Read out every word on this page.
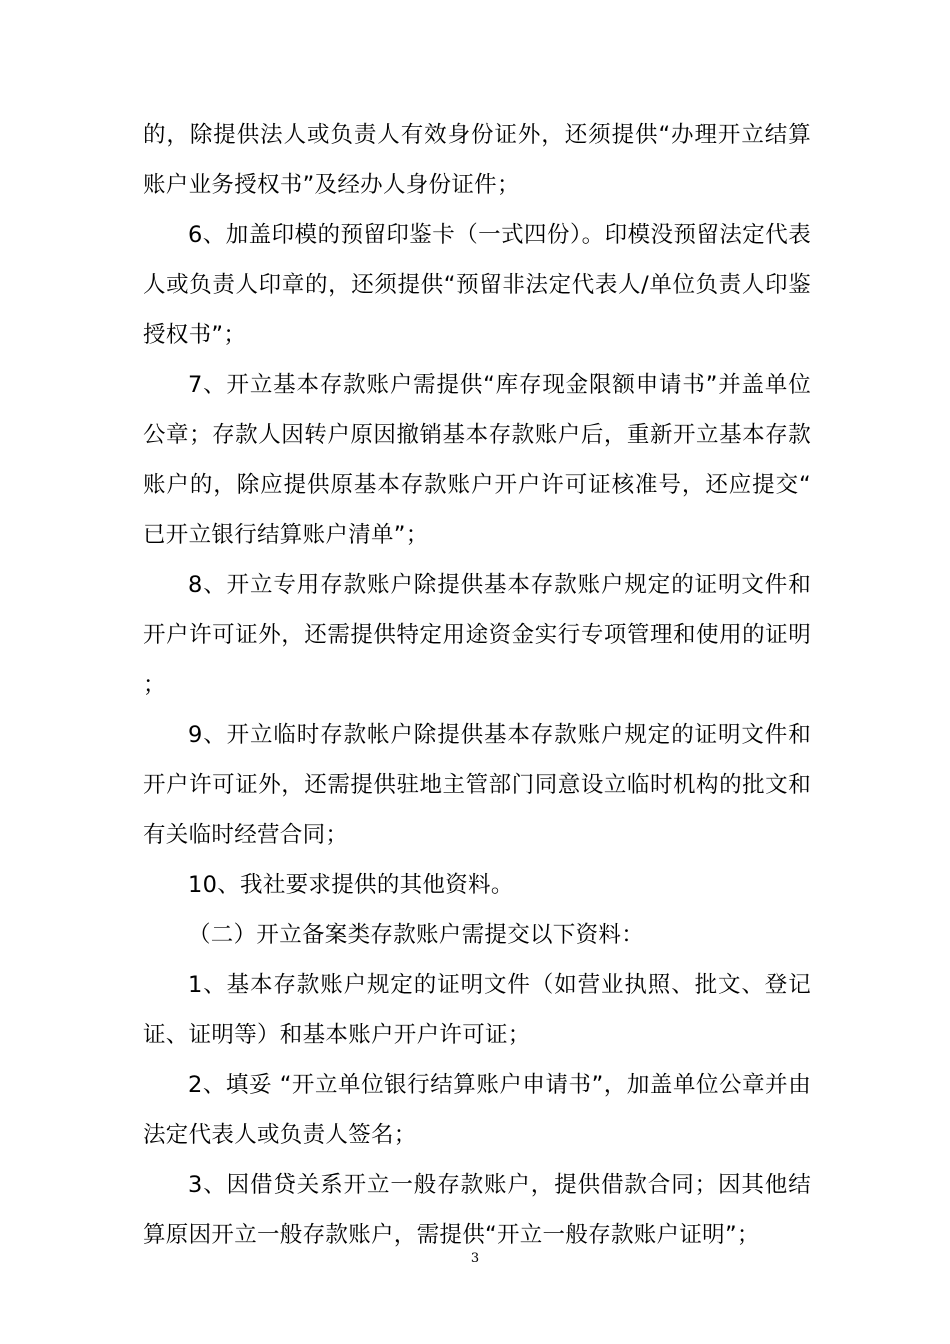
的，除提供法人或负责人有效身份证外，还须提供“办理开立结算账户业务授权书”及经办人身份证件；

6、加盖印模的预留印鉴卡（一式四份）。印模没预留法定代表人或负责人印章的，还须提供“预留非法定代表人/单位负责人印鉴授权书”；

7、开立基本存款账户需提供“库存现金限额申请书”并盖单位公章；存款人因转户原因撤销基本存款账户后，重新开立基本存款账户的，除应提供原基本存款账户开户许可证核准号，还应提交“已开立银行结算账户清单”；

8、开立专用存款账户除提供基本存款账户规定的证明文件和开户许可证外，还需提供特定用途资金实行专项管理和使用的证明；

9、开立临时存款帐户除提供基本存款账户规定的证明文件和开户许可证外，还需提供驻地主管部门同意设立临时机构的批文和有关临时经营合同；

10、我社要求提供的其他资料。

（二）开立备案类存款账户需提交以下资料：

1、基本存款账户规定的证明文件（如营业执照、批文、登记证、证明等）和基本账户开户许可证；

2、填妥 “开立单位银行结算账户申请书”，加盖单位公章并由法定代表人或负责人签名；

3、因借贷关系开立一般存款账户，提供借款合同；因其他结算原因开立一般存款账户，需提供“开立一般存款账户证明”；

3
